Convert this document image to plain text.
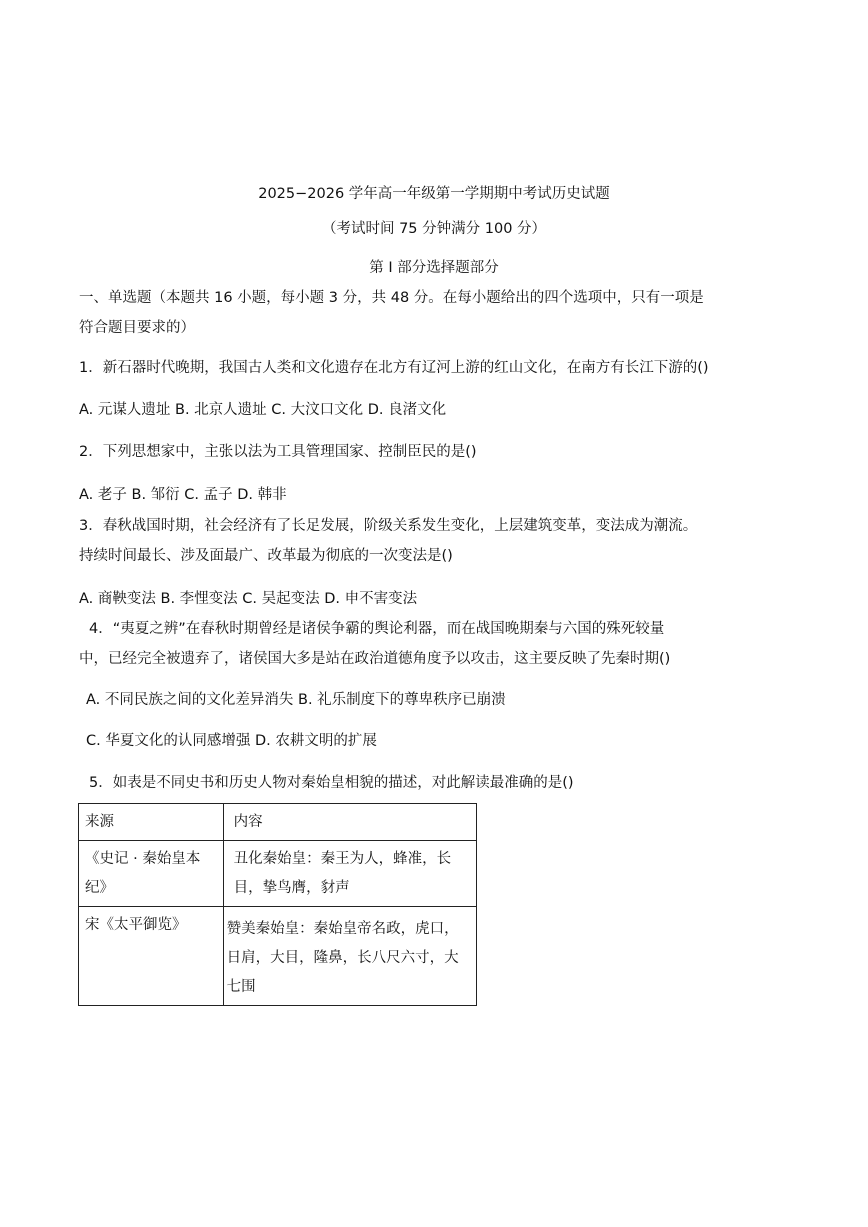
2025−2026 学年高一年级第一学期期中考试历史试题
（考试时间 75 分钟满分 100 分）
第 I 部分选择题部分
一、单选题（本题共 16 小题，每小题 3 分，共 48 分。在每小题给出的四个选项中，只有一项是
符合题目要求的）
1．新石器时代晚期，我国古人类和文化遗存在北方有辽河上游的红山文化，在南方有长江下游的()
A. 元谋人遗址 B. 北京人遗址 C. 大汶口文化 D. 良渚文化
2．下列思想家中，主张以法为工具管理国家、控制臣民的是()
A. 老子 B. 邹衍 C. 孟子 D. 韩非
3．春秋战国时期，社会经济有了长足发展，阶级关系发生变化，上层建筑变革，变法成为潮流。
持续时间最长、涉及面最广、改革最为彻底的一次变法是()
A. 商鞅变法 B. 李悝变法 C. 吴起变法 D. 申不害变法
4．“夷夏之辨”在春秋时期曾经是诸侯争霸的舆论利器，而在战国晚期秦与六国的殊死较量
中，已经完全被遗弃了，诸侯国大多是站在政治道德角度予以攻击，这主要反映了先秦时期()
A. 不同民族之间的文化差异消失 B. 礼乐制度下的尊卑秩序已崩溃
C. 华夏文化的认同感增强 D. 农耕文明的扩展
5．如表是不同史书和历史人物对秦始皇相貌的描述，对此解读最准确的是()
来源	内容

《史记 · 秦始皇本纪》	丑化秦始皇：秦王为人，蜂准，长目，挚鸟膺，豺声

宋《太平御览》	赞美秦始皇：秦始皇帝名政，虎口，日肩，大目，隆鼻，长八尺六寸，大七围
